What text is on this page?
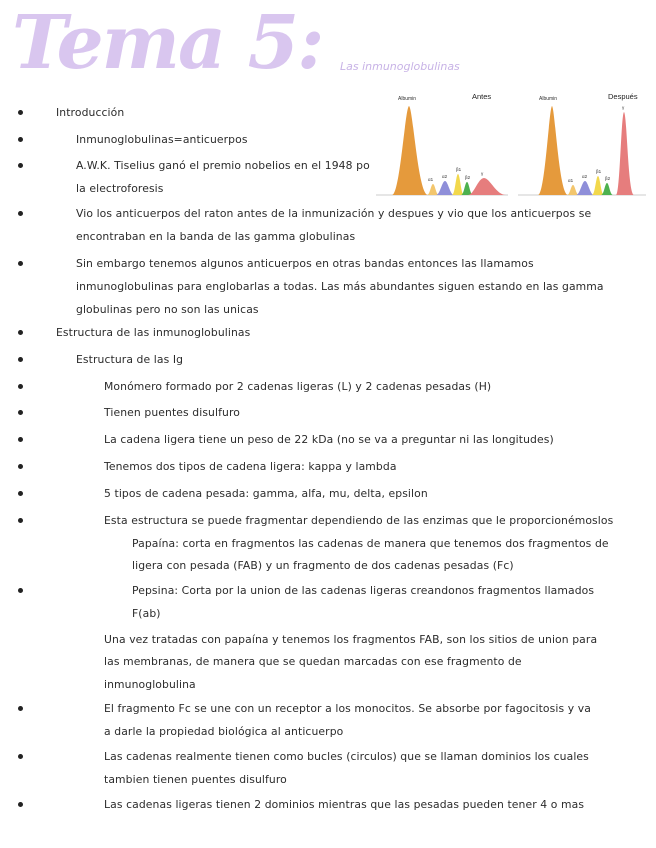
Tema 5: Las inmunoglobulinas
Albumin
α1
α2
β1
β2
γ
Antes	Albumin
α1
α2
β1
β2
γ
Después
Introducción
Inmunoglobulinas=anticuerpos
A.W.K. Tiselius ganó el premio nobelios en el 1948 po
la electroforesis
Vio los anticuerpos del raton antes de la inmunización y despues y vio que los anticuerpos se
encontraban en la banda de las gamma globulinas
Sin embargo tenemos algunos anticuerpos en otras bandas entonces las llamamos
inmunoglobulinas para englobarlas a todas. Las más abundantes siguen estando en las gamma
globulinas pero no son las unicas
Estructura de las inmunoglobulinas
Estructura de las Ig
Monómero formado por 2 cadenas ligeras (L) y 2 cadenas pesadas (H)
Tienen puentes disulfuro
La cadena ligera tiene un peso de 22 kDa (no se va a preguntar ni las longitudes)
Tenemos dos tipos de cadena ligera: kappa y lambda
5 tipos de cadena pesada: gamma, alfa, mu, delta, epsilon
Esta estructura se puede fragmentar dependiendo de las enzimas que le proporcionémoslos
Papaína: corta en fragmentos las cadenas de manera que tenemos dos fragmentos de
ligera con pesada (FAB) y un fragmento de dos cadenas pesadas (Fc)
Pepsina: Corta por la union de las cadenas ligeras creandonos fragmentos llamados
F(ab)
Una vez tratadas con papaína y tenemos los fragmentos FAB, son los sitios de union para
las membranas, de manera que se quedan marcadas con ese fragmento de
inmunoglobulina
El fragmento Fc se une con un receptor a los monocitos. Se absorbe por fagocitosis y va
a darle la propiedad biológica al anticuerpo
Las cadenas realmente tienen como bucles (circulos) que se llaman dominios los cuales
tambien tienen puentes disulfuro
Las cadenas ligeras tienen 2 dominios mientras que las pesadas pueden tener 4 o mas
